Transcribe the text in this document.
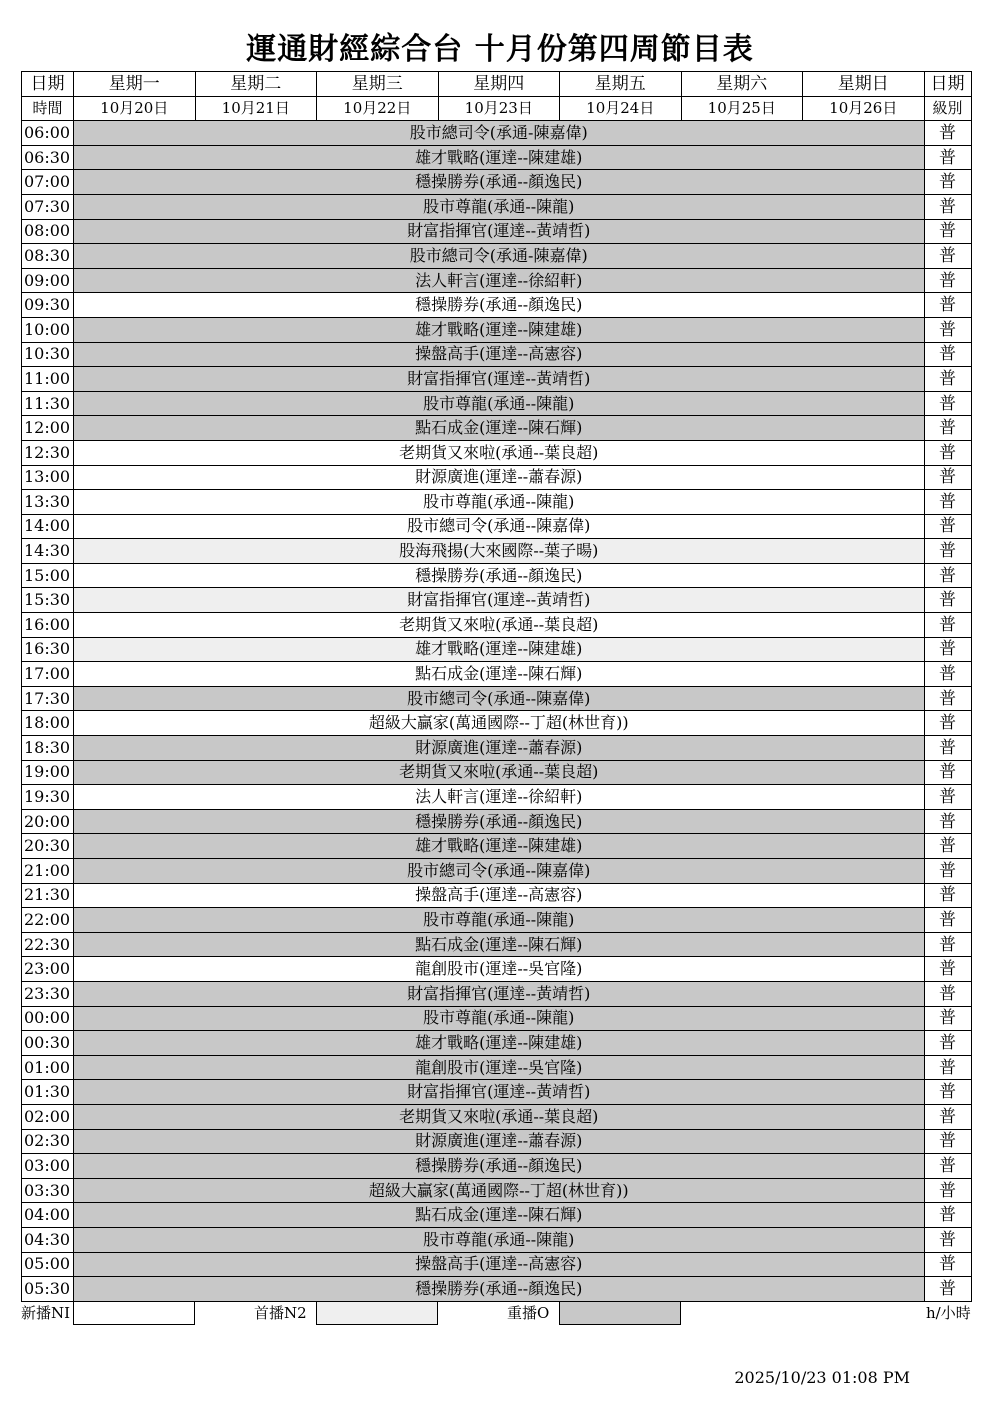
運通財經綜合台 十月份第四周節目表
日期	星期一	星期二	星期三	星期四	星期五	星期六	星期日	日期
時間	10月20日	10月21日	10月22日	10月23日	10月24日	10月25日	10月26日	級別
06:00	股市總司令(承通-陳嘉偉)							普
06:30	雄才戰略(運達--陳建雄)							普
07:00	穩操勝券(承通--顏逸民)							普
07:30	股市尊龍(承通--陳龍)							普
08:00	財富指揮官(運達--黃靖哲)							普
08:30	股市總司令(承通-陳嘉偉)							普
09:00	法人軒言(運達--徐紹軒)							普
09:30	穩操勝券(承通--顏逸民)							普
10:00	雄才戰略(運達--陳建雄)							普
10:30	操盤高手(運達--高憲容)							普
11:00	財富指揮官(運達--黃靖哲)							普
11:30	股市尊龍(承通--陳龍)							普
12:00	點石成金(運達--陳石輝)							普
12:30	老期貨又來啦(承通--葉良超)							普
13:00	財源廣進(運達--蕭春源)							普
13:30	股市尊龍(承通--陳龍)							普
14:00	股市總司令(承通--陳嘉偉)							普
14:30	股海飛揚(大來國際--葉子暘)							普
15:00	穩操勝券(承通--顏逸民)							普
15:30	財富指揮官(運達--黃靖哲)							普
16:00	老期貨又來啦(承通--葉良超)							普
16:30	雄才戰略(運達--陳建雄)							普
17:00	點石成金(運達--陳石輝)							普
17:30	股市總司令(承通--陳嘉偉)							普
18:00	超級大贏家(萬通國際--丁超(林世育))							普
18:30	財源廣進(運達--蕭春源)							普
19:00	老期貨又來啦(承通--葉良超)							普
19:30	法人軒言(運達--徐紹軒)							普
20:00	穩操勝券(承通--顏逸民)							普
20:30	雄才戰略(運達--陳建雄)							普
21:00	股市總司令(承通--陳嘉偉)							普
21:30	操盤高手(運達--高憲容)							普
22:00	股市尊龍(承通--陳龍)							普
22:30	點石成金(運達--陳石輝)							普
23:00	龍創股市(運達--吳官隆)							普
23:30	財富指揮官(運達--黃靖哲)							普
00:00	股市尊龍(承通--陳龍)							普
00:30	雄才戰略(運達--陳建雄)							普
01:00	龍創股市(運達--吳官隆)							普
01:30	財富指揮官(運達--黃靖哲)							普
02:00	老期貨又來啦(承通--葉良超)							普
02:30	財源廣進(運達--蕭春源)							普
03:00	穩操勝券(承通--顏逸民)							普
03:30	超級大贏家(萬通國際--丁超(林世育))							普
04:00	點石成金(運達--陳石輝)							普
04:30	股市尊龍(承通--陳龍)							普
05:00	操盤高手(運達--高憲容)							普
05:30	穩操勝券(承通--顏逸民)							普
新播NI	首播N2	重播O	h/小時
2025/10/23 01:08 PM
